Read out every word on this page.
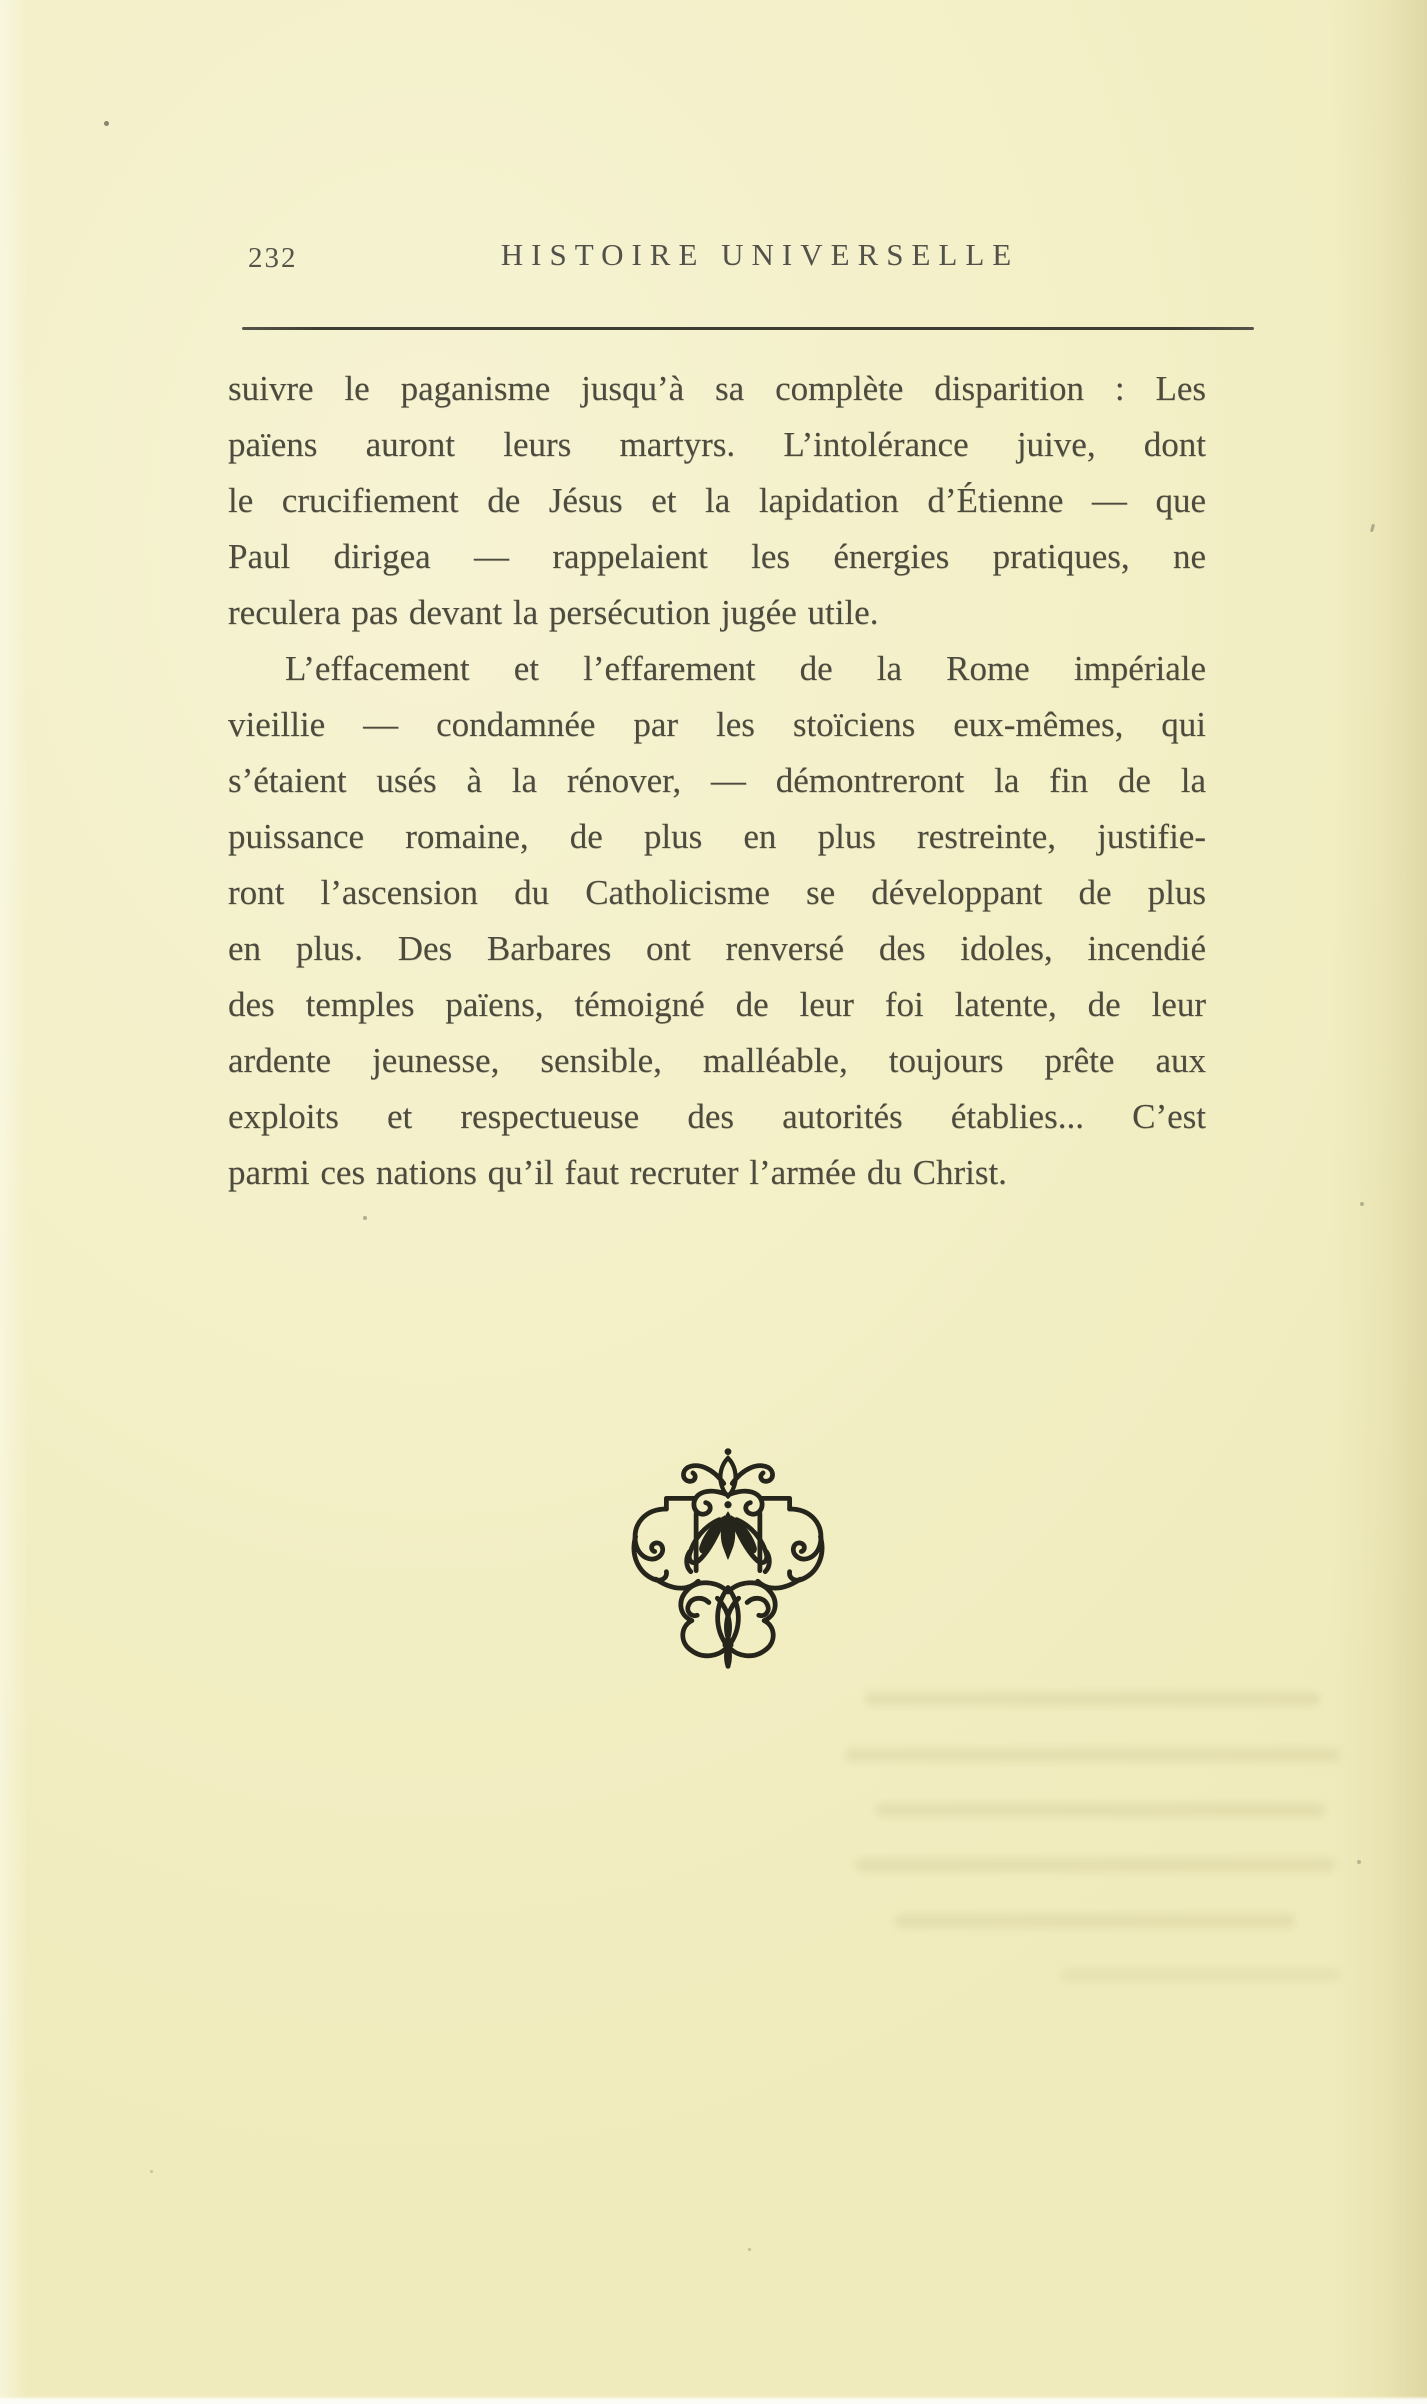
232	HISTOIRE UNIVERSELLE
suivre le paganisme jusqu’à sa complète disparition : Les
païens auront leurs martyrs. L’intolérance juive, dont
le crucifiement de Jésus et la lapidation d’Étienne — que
Paul dirigea — rappelaient les énergies pratiques, ne
reculera pas devant la persécution jugée utile.
L’effacement et l’effarement de la Rome impériale
vieillie — condamnée par les stoïciens eux-mêmes, qui
s’étaient usés à la rénover, — démontreront la fin de la
puissance romaine, de plus en plus restreinte, justifie-
ront l’ascension du Catholicisme se développant de plus
en plus. Des Barbares ont renversé des idoles, incendié
des temples païens, témoigné de leur foi latente, de leur
ardente jeunesse, sensible, malléable, toujours prête aux
exploits et respectueuse des autorités établies... C’est
parmi ces nations qu’il faut recruter l’armée du Christ.
